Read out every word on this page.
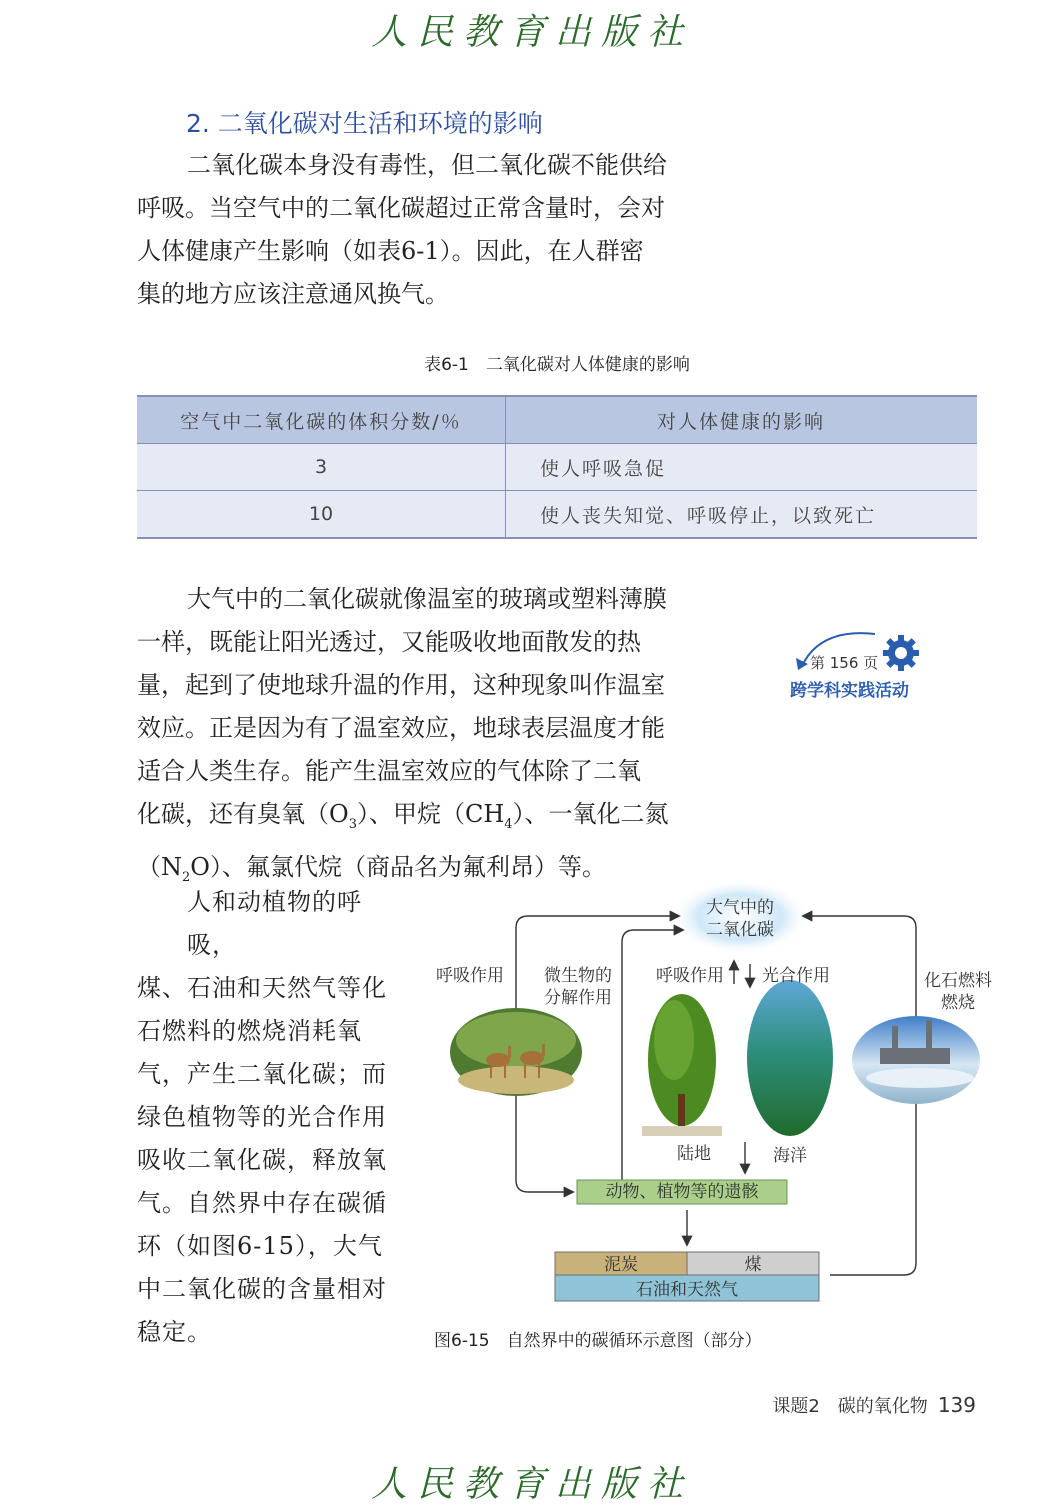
人民教育出版社
2. 二氧化碳对生活和环境的影响

二氧化碳本身没有毒性，但二氧化碳不能供给

呼吸。当空气中的二氧化碳超过正常含量时，会对

人体健康产生影响（如表6-1）。因此，在人群密

集的地方应该注意通风换气。

表6-1　二氧化碳对人体健康的影响
空气中二氧化碳的体积分数/％	对人体健康的影响
3	使人呼吸急促
10	使人丧失知觉、呼吸停止，以致死亡

大气中的二氧化碳就像温室的玻璃或塑料薄膜

一样，既能让阳光透过，又能吸收地面散发的热

量，起到了使地球升温的作用，这种现象叫作温室

效应。正是因为有了温室效应，地球表层温度才能

适合人类生存。能产生温室效应的气体除了二氧

化碳，还有臭氧$(O_3)$、甲烷$(CH_4)$、一氧化二氮

$(N_2O)$、氟氯代烷（商品名为氟利昂）等。

第 156 页
跨学科实践活动

人和动植物的呼吸，

煤、石油和天然气等化

石燃料的燃烧消耗氧

气，产生二氧化碳；而

绿色植物等的光合作用

吸收二氧化碳，释放氧

气。自然界中存在碳循

环（如图6-15），大气

中二氧化碳的含量相对

稳定。

大气中的
二氧化碳
呼吸作用	微生物的
分解作用
呼吸作用	光合作用	化石燃料
燃烧
陆地	海洋
动物、植物等的遗骸
泥炭	煤
石油和天然气
图6-15　自然界中的碳循环示意图（部分）
课题2　碳的氧化物 139
人民教育出版社
